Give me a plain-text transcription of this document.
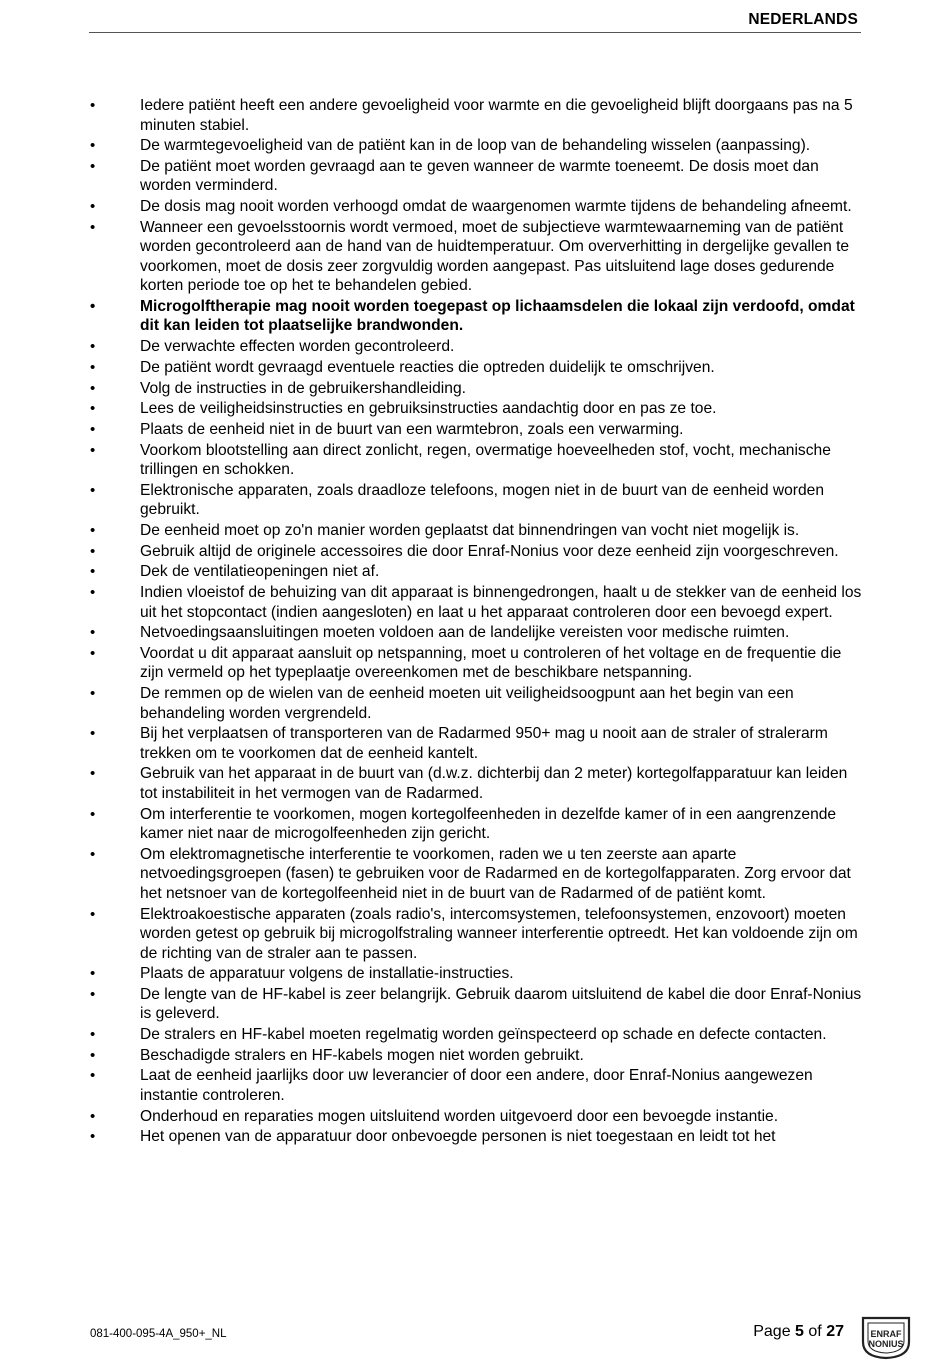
NEDERLANDS
• Iedere patiënt heeft een andere gevoeligheid voor warmte en die gevoeligheid blijft doorgaans pas na 5 minuten stabiel.
• De warmtegevoeligheid van de patiënt kan in de loop van de behandeling wisselen (aanpassing).
• De patiënt moet worden gevraagd aan te geven wanneer de warmte toeneemt. De dosis moet dan worden verminderd.
• De dosis mag nooit worden verhoogd omdat de waargenomen warmte tijdens de behandeling afneemt.
• Wanneer een gevoelsstoornis wordt vermoed, moet de subjectieve warmtewaarneming van de patiënt worden gecontroleerd aan de hand van de huidtemperatuur. Om oververhitting in dergelijke gevallen te voorkomen, moet de dosis zeer zorgvuldig worden aangepast. Pas uitsluitend lage doses gedurende korten periode toe op het te behandelen gebied.
• Microgolftherapie mag nooit worden toegepast op lichaamsdelen die lokaal zijn verdoofd, omdat dit kan leiden tot plaatselijke brandwonden.
• De verwachte effecten worden gecontroleerd.
• De patiënt wordt gevraagd eventuele reacties die optreden duidelijk te omschrijven.
• Volg de instructies in de gebruikershandleiding.
• Lees de veiligheidsinstructies en gebruiksinstructies aandachtig door en pas ze toe.
• Plaats de eenheid niet in de buurt van een warmtebron, zoals een verwarming.
• Voorkom blootstelling aan direct zonlicht, regen, overmatige hoeveelheden stof, vocht, mechanische trillingen en schokken.
• Elektronische apparaten, zoals draadloze telefoons, mogen niet in de buurt van de eenheid worden gebruikt.
• De eenheid moet op zo'n manier worden geplaatst dat binnendringen van vocht niet mogelijk is.
• Gebruik altijd de originele accessoires die door Enraf-Nonius voor deze eenheid zijn voorgeschreven.
• Dek de ventilatieopeningen niet af.
• Indien vloeistof de behuizing van dit apparaat is binnengedrongen, haalt u de stekker van de eenheid los uit het stopcontact (indien aangesloten) en laat u het apparaat controleren door een bevoegd expert.
• Netvoedingsaansluitingen moeten voldoen aan de landelijke vereisten voor medische ruimten.
• Voordat u dit apparaat aansluit op netspanning, moet u controleren of het voltage en de frequentie die zijn vermeld op het typeplaatje overeenkomen met de beschikbare netspanning.
• De remmen op de wielen van de eenheid moeten uit veiligheidsoogpunt aan het begin van een behandeling worden vergrendeld.
• Bij het verplaatsen of transporteren van de Radarmed 950+ mag u nooit aan de straler of stralerarm trekken om te voorkomen dat de eenheid kantelt.
• Gebruik van het apparaat in de buurt van (d.w.z. dichterbij dan 2 meter) kortegolfapparatuur kan leiden tot instabiliteit in het vermogen van de Radarmed.
• Om interferentie te voorkomen, mogen kortegolfeenheden in dezelfde kamer of in een aangrenzende kamer niet naar de microgolfeenheden zijn gericht.
• Om elektromagnetische interferentie te voorkomen, raden we u ten zeerste aan aparte netvoedingsgroepen (fasen) te gebruiken voor de Radarmed en de kortegolfapparaten. Zorg ervoor dat het netsnoer van de kortegolfeenheid niet in de buurt van de Radarmed of de patiënt komt.
• Elektroakoestische apparaten (zoals radio's, intercomsystemen, telefoonsystemen, enzovoort) moeten worden getest op gebruik bij microgolfstraling wanneer interferentie optreedt. Het kan voldoende zijn om de richting van de straler aan te passen.
• Plaats de apparatuur volgens de installatie-instructies.
• De lengte van de HF-kabel is zeer belangrijk. Gebruik daarom uitsluitend de kabel die door Enraf-Nonius is geleverd.
• De stralers en HF-kabel moeten regelmatig worden geïnspecteerd op schade en defecte contacten.
• Beschadigde stralers en HF-kabels mogen niet worden gebruikt.
• Laat de eenheid jaarlijks door uw leverancier of door een andere, door Enraf-Nonius aangewezen instantie controleren.
• Onderhoud en reparaties mogen uitsluitend worden uitgevoerd door een bevoegde instantie.
• Het openen van de apparatuur door onbevoegde personen is niet toegestaan en leidt tot het
081-400-095-4A_950+_NL	Page 5 of 27	ENRAF
NONIUS
